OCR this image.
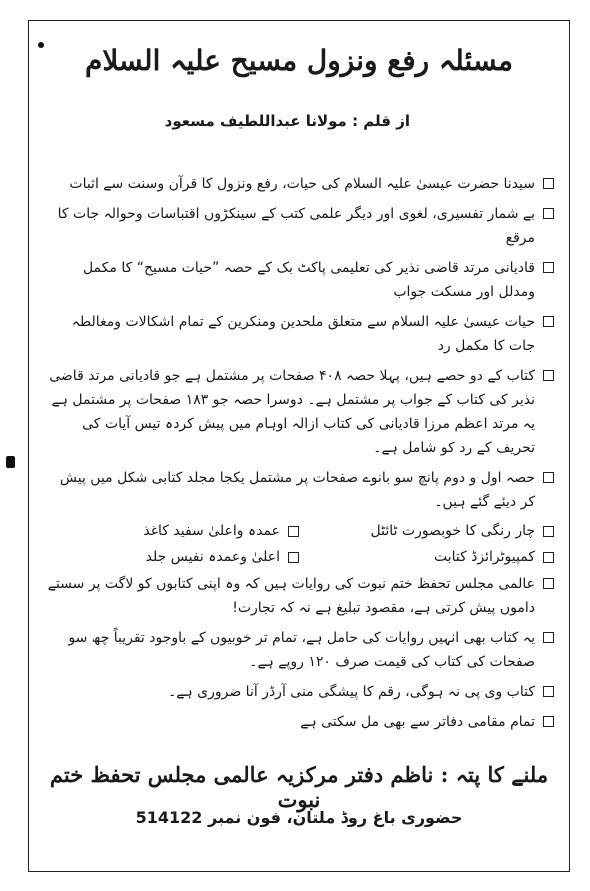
مسئلہ رفع ونزول مسیح علیہ السلام
از قلم : مولانا عبداللطیف مسعود
سیدنا حضرت عیسیٰ علیہ السلام کی حیات، رفع ونزول کا قرآن وسنت سے اثبات
بے شمار تفسیری، لغوی اور دیگر علمی کتب کے سینکڑوں اقتباسات وحوالہ جات کا مرقع
قادیانی مرتد قاضی نذیر کی تعلیمی پاکٹ بک کے حصہ ”حیات مسیح“ کا مکمل ومدلل اور مسکت جواب
حیات عیسیٰ علیہ السلام سے متعلق ملحدین ومنکرین کے تمام اشکالات ومغالطہ جات کا مکمل رد
کتاب کے دو حصے ہیں، پہلا حصہ ۴۰۸ صفحات پر مشتمل ہے جو قادیانی مرتد قاضی نذیر کی کتاب کے جواب پر مشتمل ہے۔ دوسرا حصہ جو ۱۸۳ صفحات پر مشتمل ہے یہ مرتد اعظم مرزا قادیانی کی کتاب ازالہ اوہام میں پیش کردہ تیس آیات کی تحریف کے رد کو شامل ہے۔
حصہ اول و دوم پانچ سو بانوے صفحات پر مشتمل یکجا مجلد کتابی شکل میں پیش کر دیئے گئے ہیں۔
چار رنگی کا خوبصورت ٹائٹل
عمدہ واعلیٰ سفید کاغذ
کمپیوٹرائزڈ کتابت
اعلیٰ وعمدہ نفیس جلد
عالمی مجلس تحفظ ختم نبوت کی روایات ہیں کہ وہ اپنی کتابوں کو لاگت پر سستے داموں پیش کرتی ہے، مقصود تبلیغ ہے نہ کہ تجارت!
یہ کتاب بھی انہیں روایات کی حامل ہے، تمام تر خوبیوں کے باوجود تقریباً چھ سو صفحات کی کتاب کی قیمت صرف ۱۲۰ روپے ہے۔
کتاب وی پی نہ ہوگی، رقم کا پیشگی منی آرڈر آنا ضروری ہے۔
تمام مقامی دفاتر سے بھی مل سکتی ہے
ملنے کا پتہ : ناظم دفتر مرکزیہ عالمی مجلس تحفظ ختم نبوت
حضوری باغ روڈ ملتان، فون نمبر 514122
